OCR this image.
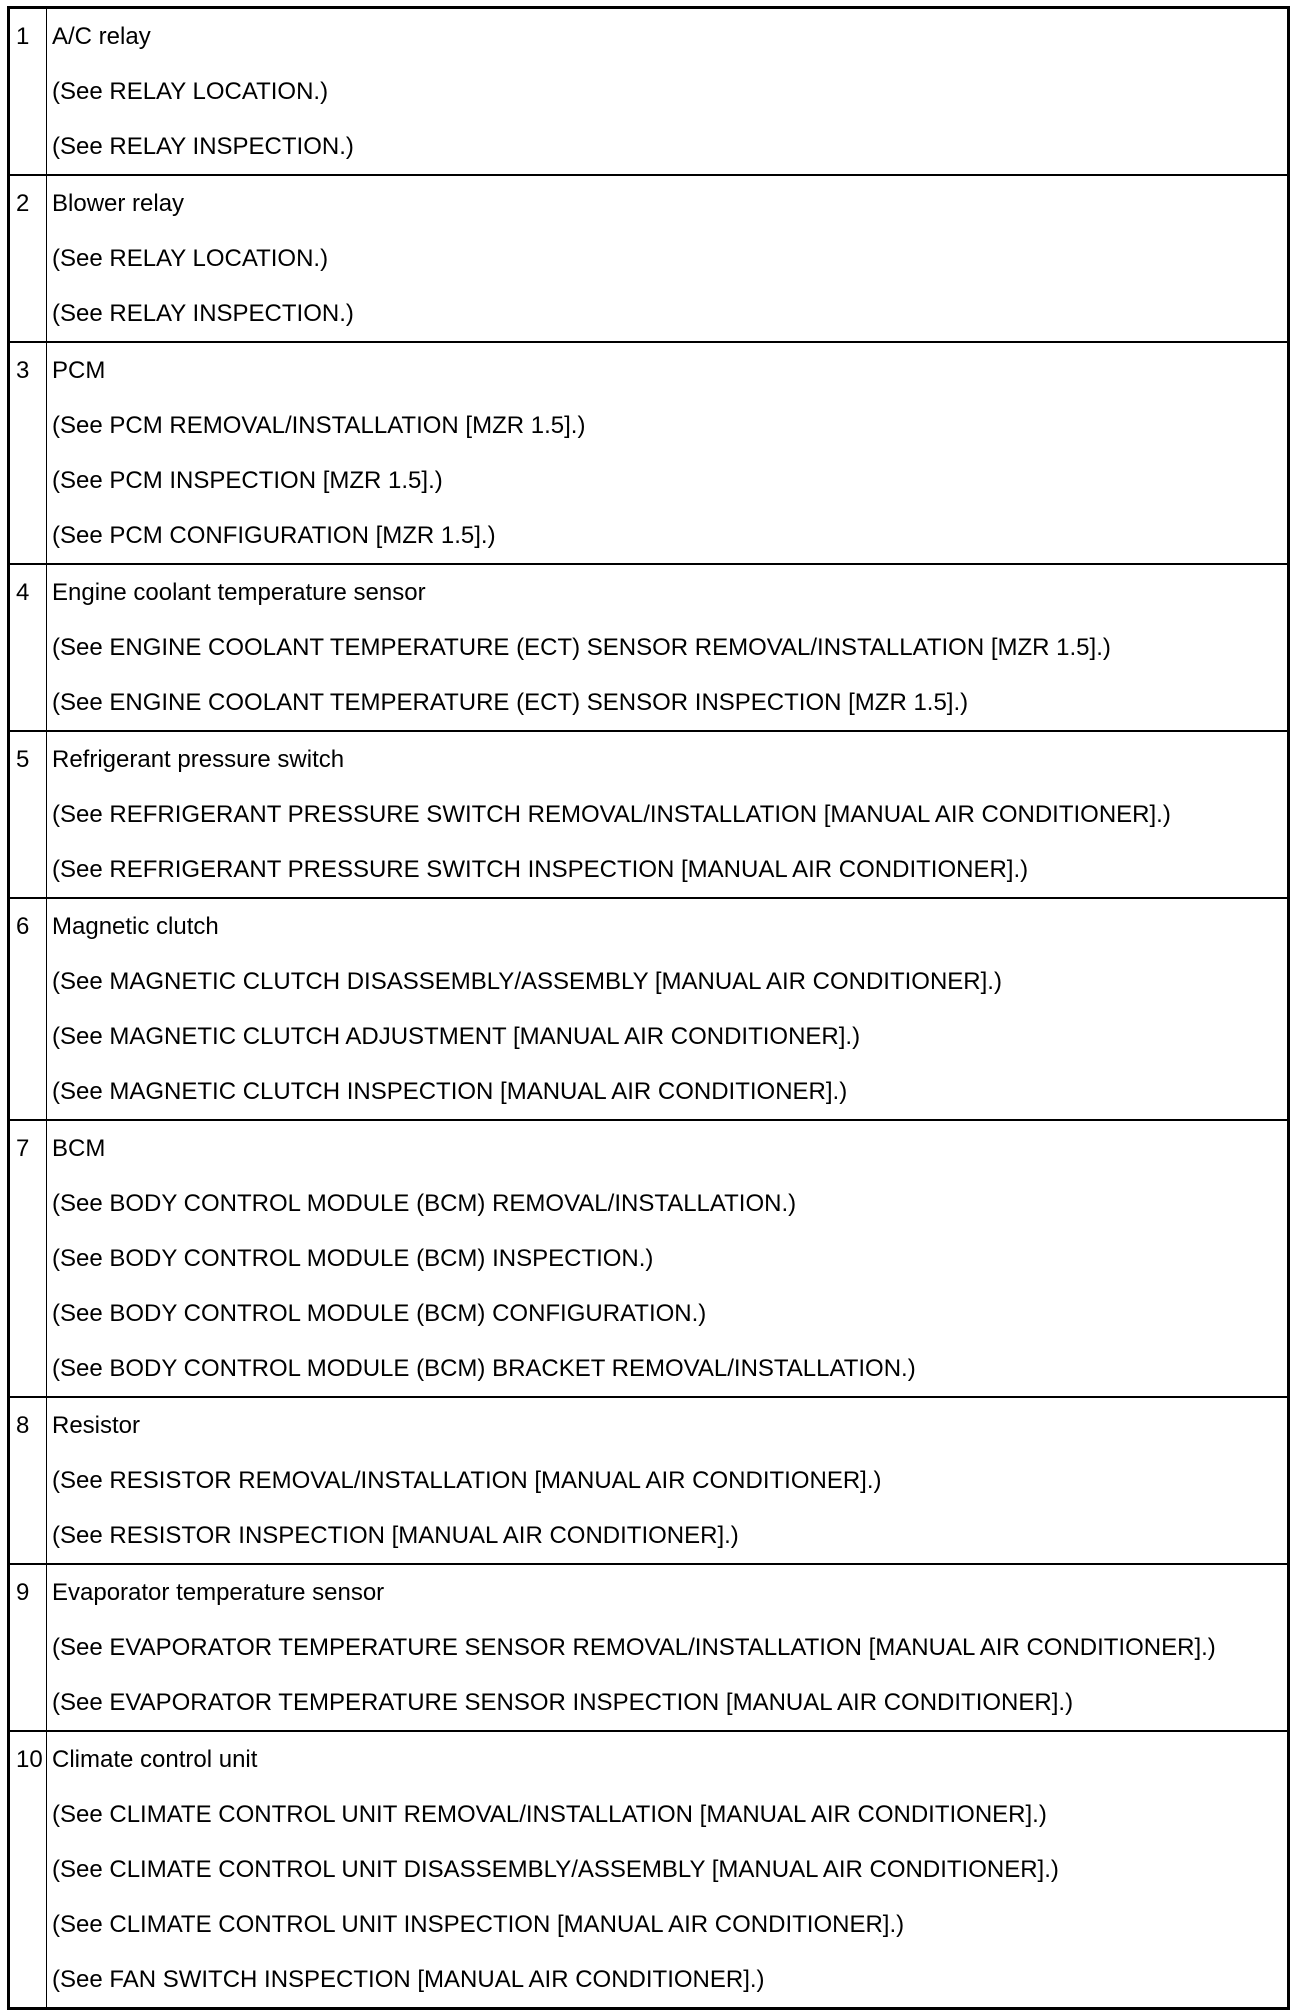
1	A/C relay
(See RELAY LOCATION.)
(See RELAY INSPECTION.)

2	Blower relay
(See RELAY LOCATION.)
(See RELAY INSPECTION.)

3	PCM
(See PCM REMOVAL/INSTALLATION [MZR 1.5].)
(See PCM INSPECTION [MZR 1.5].)
(See PCM CONFIGURATION [MZR 1.5].)

4	Engine coolant temperature sensor
(See ENGINE COOLANT TEMPERATURE (ECT) SENSOR REMOVAL/INSTALLATION [MZR 1.5].)
(See ENGINE COOLANT TEMPERATURE (ECT) SENSOR INSPECTION [MZR 1.5].)

5	Refrigerant pressure switch
(See REFRIGERANT PRESSURE SWITCH REMOVAL/INSTALLATION [MANUAL AIR CONDITIONER].)
(See REFRIGERANT PRESSURE SWITCH INSPECTION [MANUAL AIR CONDITIONER].)

6	Magnetic clutch
(See MAGNETIC CLUTCH DISASSEMBLY/ASSEMBLY [MANUAL AIR CONDITIONER].)
(See MAGNETIC CLUTCH ADJUSTMENT [MANUAL AIR CONDITIONER].)
(See MAGNETIC CLUTCH INSPECTION [MANUAL AIR CONDITIONER].)

7	BCM
(See BODY CONTROL MODULE (BCM) REMOVAL/INSTALLATION.)
(See BODY CONTROL MODULE (BCM) INSPECTION.)
(See BODY CONTROL MODULE (BCM) CONFIGURATION.)
(See BODY CONTROL MODULE (BCM) BRACKET REMOVAL/INSTALLATION.)

8	Resistor
(See RESISTOR REMOVAL/INSTALLATION [MANUAL AIR CONDITIONER].)
(See RESISTOR INSPECTION [MANUAL AIR CONDITIONER].)

9	Evaporator temperature sensor
(See EVAPORATOR TEMPERATURE SENSOR REMOVAL/INSTALLATION [MANUAL AIR CONDITIONER].)
(See EVAPORATOR TEMPERATURE SENSOR INSPECTION [MANUAL AIR CONDITIONER].)

10	Climate control unit
(See CLIMATE CONTROL UNIT REMOVAL/INSTALLATION [MANUAL AIR CONDITIONER].)
(See CLIMATE CONTROL UNIT DISASSEMBLY/ASSEMBLY [MANUAL AIR CONDITIONER].)
(See CLIMATE CONTROL UNIT INSPECTION [MANUAL AIR CONDITIONER].)
(See FAN SWITCH INSPECTION [MANUAL AIR CONDITIONER].)
